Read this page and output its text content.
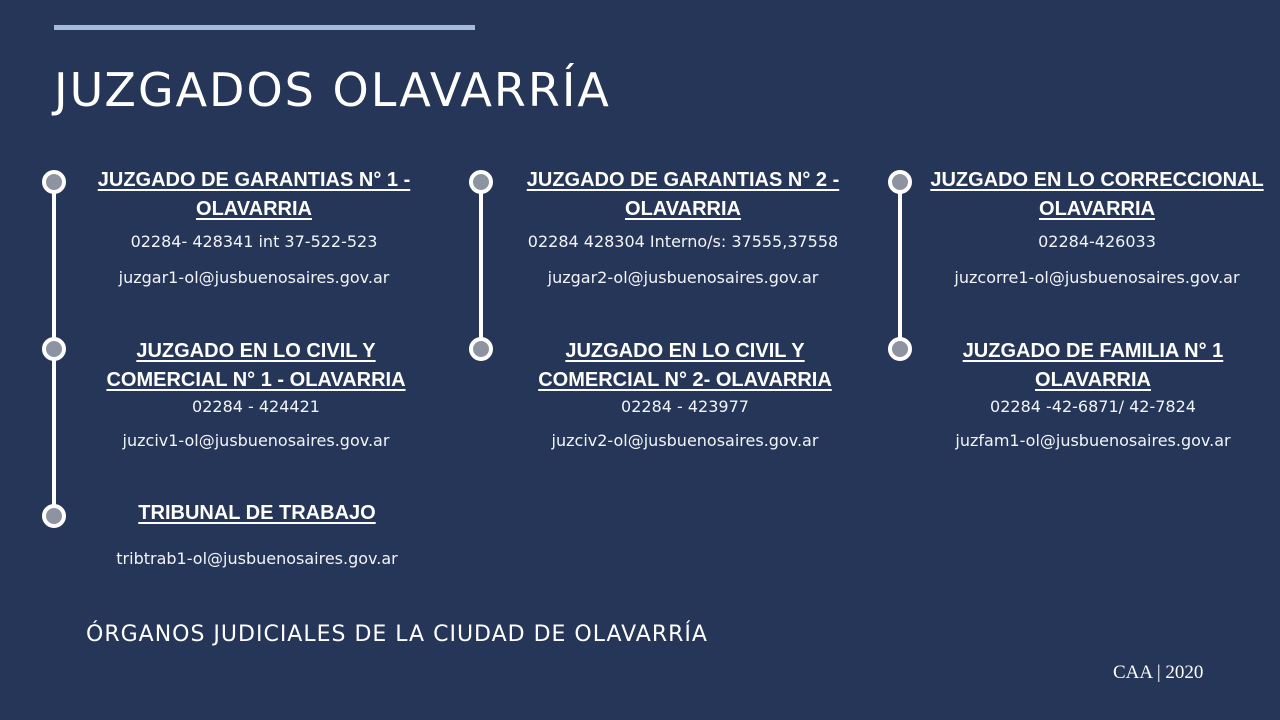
JUZGADOS OLAVARRÍA
JUZGADO DE GARANTIAS N° 1 -
OLAVARRIA
02284- 428341 int 37-522-523
juzgar1-ol@jusbuenosaires.gov.ar
JUZGADO DE GARANTIAS N° 2 -
OLAVARRIA
02284 428304 Interno/s: 37555,37558
juzgar2-ol@jusbuenosaires.gov.ar
JUZGADO EN LO CORRECCIONAL
OLAVARRIA
02284-426033
juzcorre1-ol@jusbuenosaires.gov.ar
JUZGADO EN LO CIVIL Y
COMERCIAL N° 1 - OLAVARRIA
02284 - 424421
juzciv1-ol@jusbuenosaires.gov.ar
JUZGADO EN LO CIVIL Y
COMERCIAL N° 2- OLAVARRIA
02284 - 423977
juzciv2-ol@jusbuenosaires.gov.ar
JUZGADO DE FAMILIA N° 1
OLAVARRIA
02284 -42-6871/ 42-7824
juzfam1-ol@jusbuenosaires.gov.ar
TRIBUNAL DE TRABAJO
tribtrab1-ol@jusbuenosaires.gov.ar
ÓRGANOS JUDICIALES DE LA CIUDAD DE OLAVARRÍA
CAA | 2020
